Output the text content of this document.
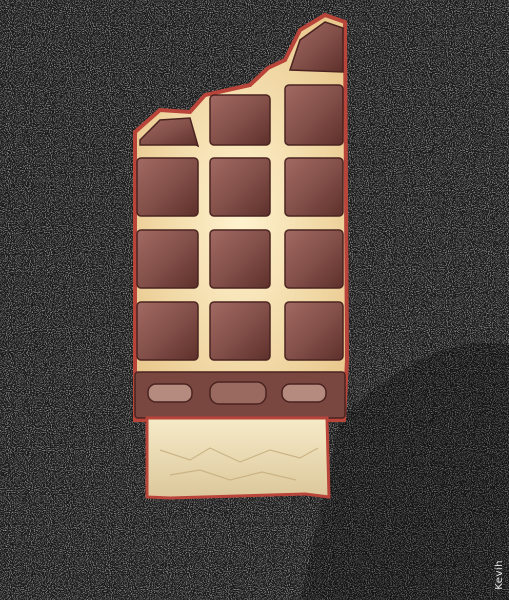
Kevih
